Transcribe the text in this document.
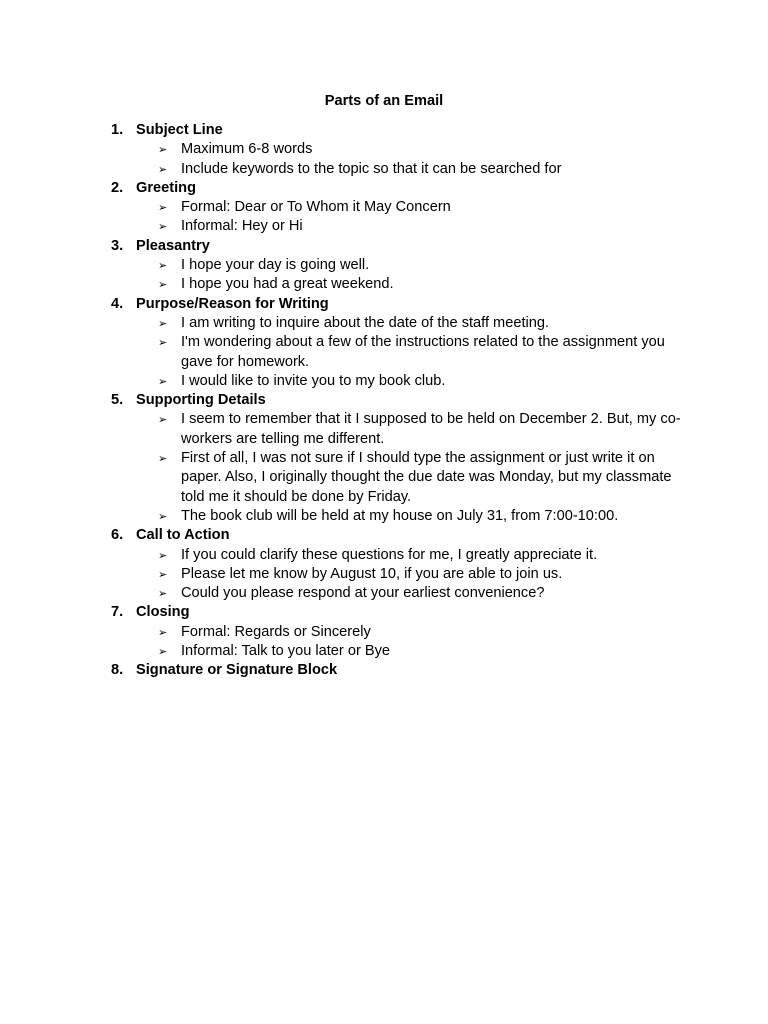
Parts of an Email
1. Subject Line
➢ Maximum 6-8 words
➢ Include keywords to the topic so that it can be searched for
2. Greeting
➢ Formal: Dear or To Whom it May Concern
➢ Informal: Hey or Hi
3. Pleasantry
➢ I hope your day is going well.
➢ I hope you had a great weekend.
4. Purpose/Reason for Writing
➢ I am writing to inquire about the date of the staff meeting.
➢ I'm wondering about a few of the instructions related to the assignment you gave for homework.
➢ I would like to invite you to my book club.
5. Supporting Details
➢ I seem to remember that it I supposed to be held on December 2. But, my co-workers are telling me different.
➢ First of all, I was not sure if I should type the assignment or just write it on paper. Also, I originally thought the due date was Monday, but my classmate told me it should be done by Friday.
➢ The book club will be held at my house on July 31, from 7:00-10:00.
6. Call to Action
➢ If you could clarify these questions for me, I greatly appreciate it.
➢ Please let me know by August 10, if you are able to join us.
➢ Could you please respond at your earliest convenience?
7. Closing
➢ Formal: Regards or Sincerely
➢ Informal: Talk to you later or Bye
8. Signature or Signature Block
